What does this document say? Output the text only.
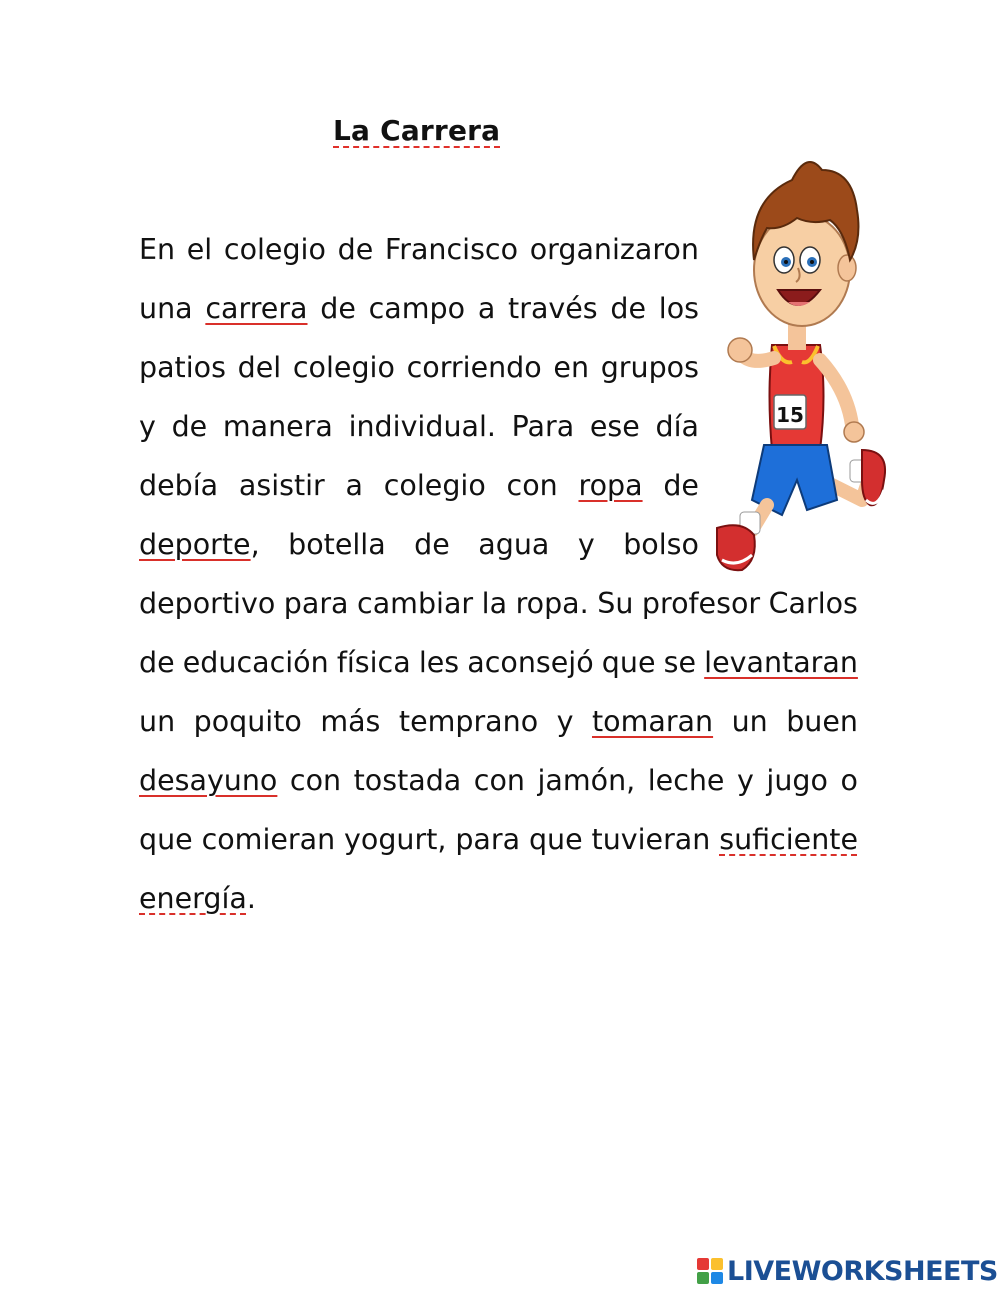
La Carrera
En el colegio de Francisco organizaron
una carrera de campo a través de los
patios del colegio corriendo en grupos
y de manera individual. Para ese día
debía asistir a colegio con ropa de
deporte, botella de agua y bolso
deportivo para cambiar la ropa. Su profesor Carlos
de educación física les aconsejó que se levantaran
un poquito más temprano y tomaran un buen
desayuno con tostada con jamón, leche y jugo o
que comieran yogurt, para que tuvieran suficiente
energía .
15
LIVEWORKSHEETS
